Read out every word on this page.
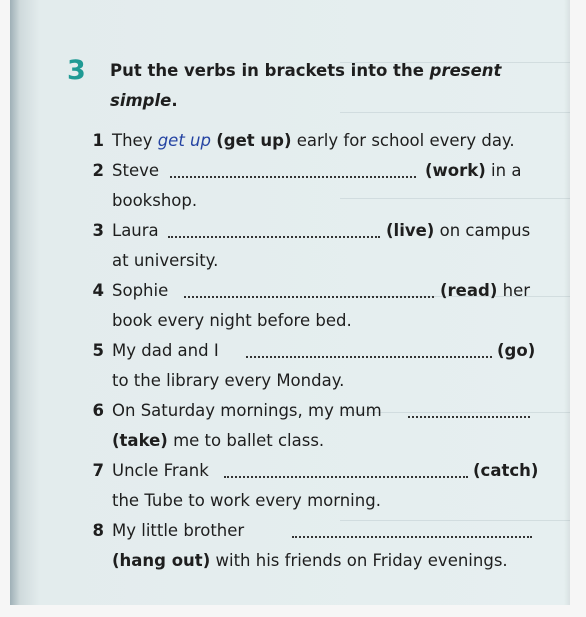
3 Put the verbs in brackets into the present simple.
1 They get up (get up) early for school every day.
2 Steve	(work) in a
bookshop.
3 Laura	(live) on campus
at university.
4 Sophie	(read) her
book every night before bed.
5 My dad and I	(go)
to the library every Monday.
6 On Saturday mornings, my mum
(take) me to ballet class.
7 Uncle Frank	(catch)
the Tube to work every morning.
8 My little brother
(hang out) with his friends on Friday evenings.
